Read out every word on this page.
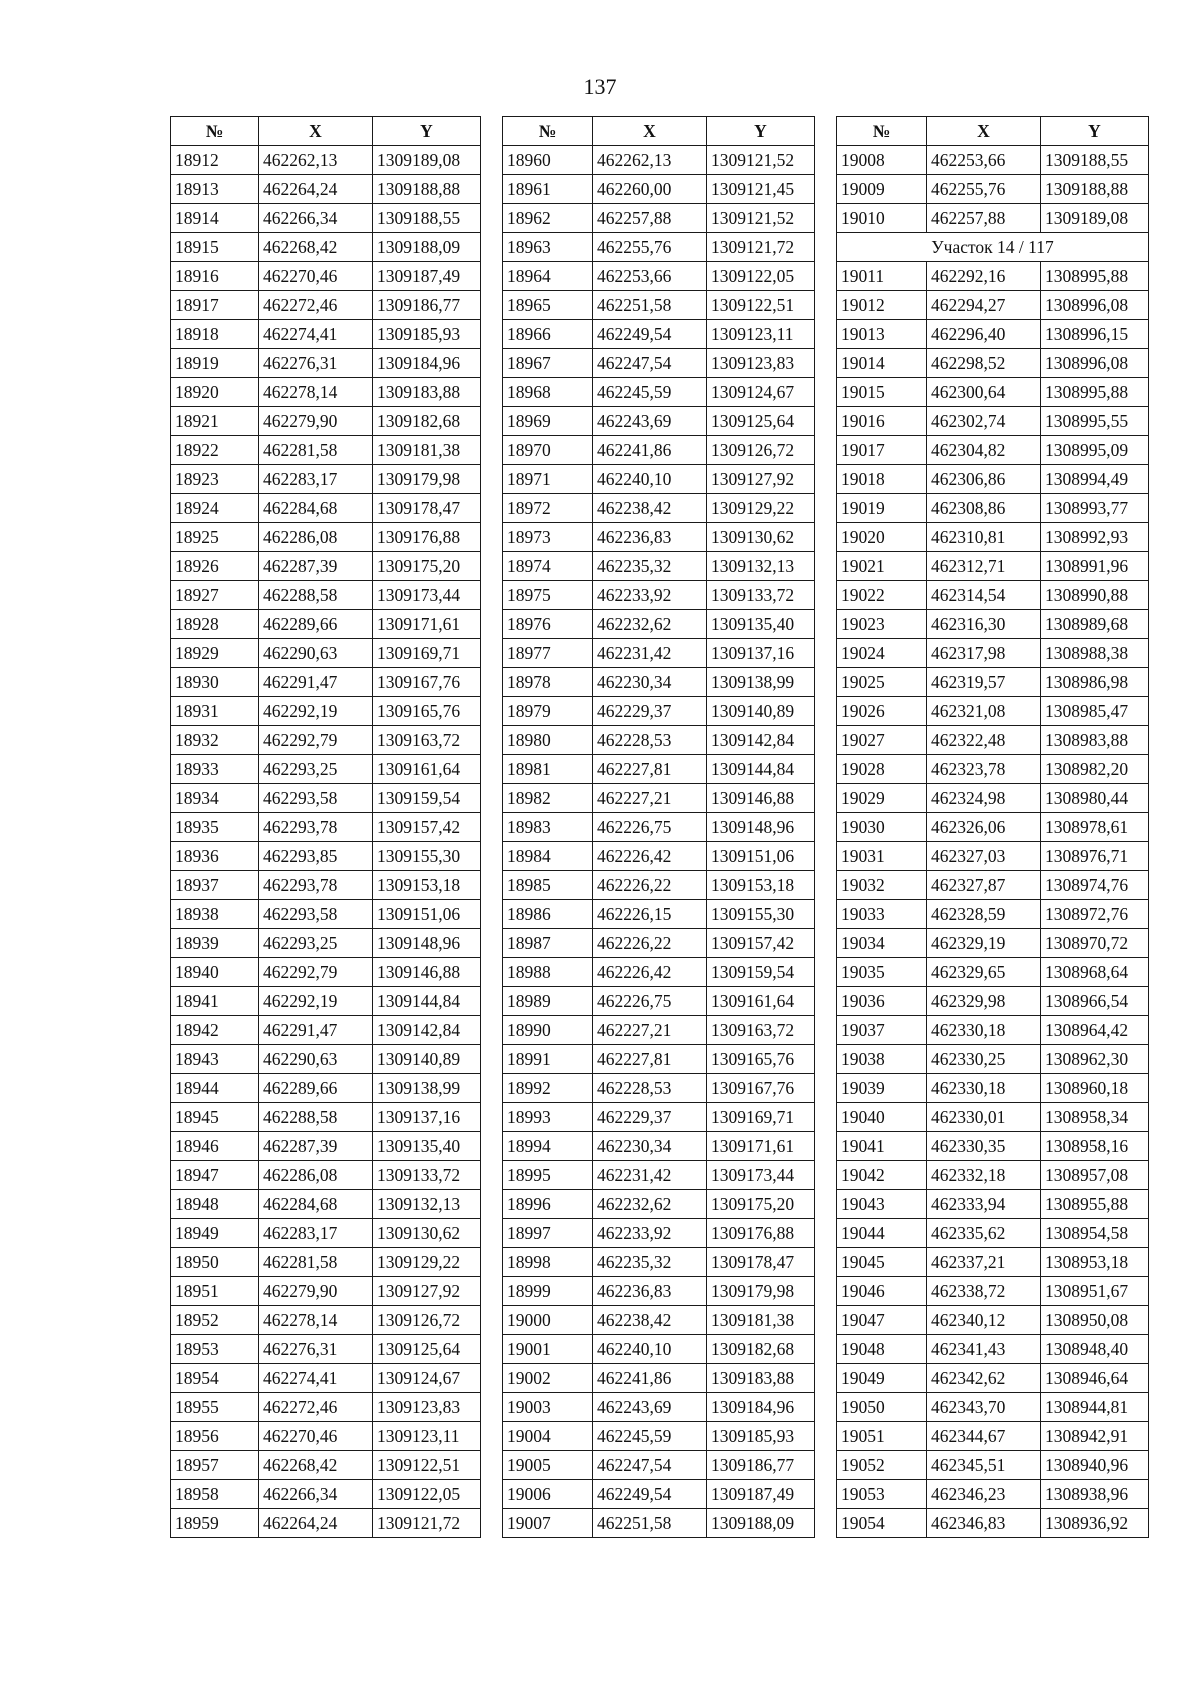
137
№	X	Y
18912	462262,13	1309189,08
18913	462264,24	1309188,88
18914	462266,34	1309188,55
18915	462268,42	1309188,09
18916	462270,46	1309187,49
18917	462272,46	1309186,77
18918	462274,41	1309185,93
18919	462276,31	1309184,96
18920	462278,14	1309183,88
18921	462279,90	1309182,68
18922	462281,58	1309181,38
18923	462283,17	1309179,98
18924	462284,68	1309178,47
18925	462286,08	1309176,88
18926	462287,39	1309175,20
18927	462288,58	1309173,44
18928	462289,66	1309171,61
18929	462290,63	1309169,71
18930	462291,47	1309167,76
18931	462292,19	1309165,76
18932	462292,79	1309163,72
18933	462293,25	1309161,64
18934	462293,58	1309159,54
18935	462293,78	1309157,42
18936	462293,85	1309155,30
18937	462293,78	1309153,18
18938	462293,58	1309151,06
18939	462293,25	1309148,96
18940	462292,79	1309146,88
18941	462292,19	1309144,84
18942	462291,47	1309142,84
18943	462290,63	1309140,89
18944	462289,66	1309138,99
18945	462288,58	1309137,16
18946	462287,39	1309135,40
18947	462286,08	1309133,72
18948	462284,68	1309132,13
18949	462283,17	1309130,62
18950	462281,58	1309129,22
18951	462279,90	1309127,92
18952	462278,14	1309126,72
18953	462276,31	1309125,64
18954	462274,41	1309124,67
18955	462272,46	1309123,83
18956	462270,46	1309123,11
18957	462268,42	1309122,51
18958	462266,34	1309122,05
18959	462264,24	1309121,72
№	X	Y
18960	462262,13	1309121,52
18961	462260,00	1309121,45
18962	462257,88	1309121,52
18963	462255,76	1309121,72
18964	462253,66	1309122,05
18965	462251,58	1309122,51
18966	462249,54	1309123,11
18967	462247,54	1309123,83
18968	462245,59	1309124,67
18969	462243,69	1309125,64
18970	462241,86	1309126,72
18971	462240,10	1309127,92
18972	462238,42	1309129,22
18973	462236,83	1309130,62
18974	462235,32	1309132,13
18975	462233,92	1309133,72
18976	462232,62	1309135,40
18977	462231,42	1309137,16
18978	462230,34	1309138,99
18979	462229,37	1309140,89
18980	462228,53	1309142,84
18981	462227,81	1309144,84
18982	462227,21	1309146,88
18983	462226,75	1309148,96
18984	462226,42	1309151,06
18985	462226,22	1309153,18
18986	462226,15	1309155,30
18987	462226,22	1309157,42
18988	462226,42	1309159,54
18989	462226,75	1309161,64
18990	462227,21	1309163,72
18991	462227,81	1309165,76
18992	462228,53	1309167,76
18993	462229,37	1309169,71
18994	462230,34	1309171,61
18995	462231,42	1309173,44
18996	462232,62	1309175,20
18997	462233,92	1309176,88
18998	462235,32	1309178,47
18999	462236,83	1309179,98
19000	462238,42	1309181,38
19001	462240,10	1309182,68
19002	462241,86	1309183,88
19003	462243,69	1309184,96
19004	462245,59	1309185,93
19005	462247,54	1309186,77
19006	462249,54	1309187,49
19007	462251,58	1309188,09
№	X	Y
19008	462253,66	1309188,55
19009	462255,76	1309188,88
19010	462257,88	1309189,08
Участок 14 / 117		
19011	462292,16	1308995,88
19012	462294,27	1308996,08
19013	462296,40	1308996,15
19014	462298,52	1308996,08
19015	462300,64	1308995,88
19016	462302,74	1308995,55
19017	462304,82	1308995,09
19018	462306,86	1308994,49
19019	462308,86	1308993,77
19020	462310,81	1308992,93
19021	462312,71	1308991,96
19022	462314,54	1308990,88
19023	462316,30	1308989,68
19024	462317,98	1308988,38
19025	462319,57	1308986,98
19026	462321,08	1308985,47
19027	462322,48	1308983,88
19028	462323,78	1308982,20
19029	462324,98	1308980,44
19030	462326,06	1308978,61
19031	462327,03	1308976,71
19032	462327,87	1308974,76
19033	462328,59	1308972,76
19034	462329,19	1308970,72
19035	462329,65	1308968,64
19036	462329,98	1308966,54
19037	462330,18	1308964,42
19038	462330,25	1308962,30
19039	462330,18	1308960,18
19040	462330,01	1308958,34
19041	462330,35	1308958,16
19042	462332,18	1308957,08
19043	462333,94	1308955,88
19044	462335,62	1308954,58
19045	462337,21	1308953,18
19046	462338,72	1308951,67
19047	462340,12	1308950,08
19048	462341,43	1308948,40
19049	462342,62	1308946,64
19050	462343,70	1308944,81
19051	462344,67	1308942,91
19052	462345,51	1308940,96
19053	462346,23	1308938,96
19054	462346,83	1308936,92
